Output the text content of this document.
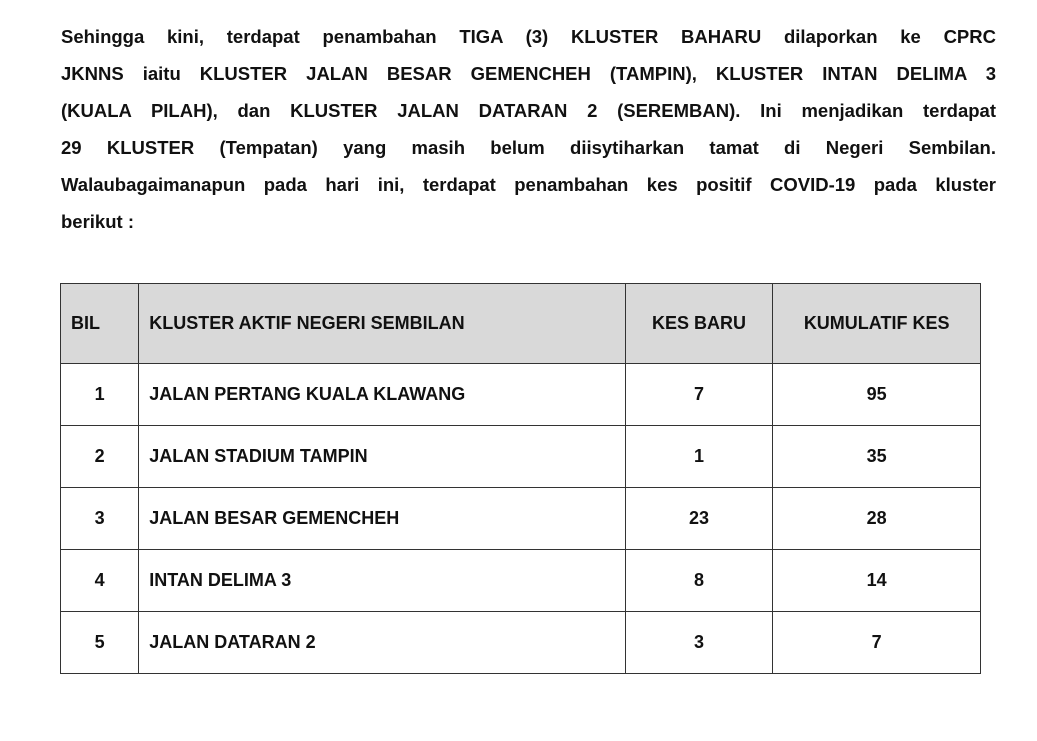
Sehingga kini, terdapat penambahan TIGA (3) KLUSTER BAHARU dilaporkan ke CPRC
JKNNS iaitu KLUSTER JALAN BESAR GEMENCHEH (TAMPIN), KLUSTER INTAN DELIMA 3
(KUALA PILAH), dan KLUSTER JALAN DATARAN 2 (SEREMBAN). Ini menjadikan terdapat
29 KLUSTER (Tempatan) yang masih belum diisytiharkan tamat di Negeri Sembilan.
Walaubagaimanapun pada hari ini, terdapat penambahan kes positif COVID-19 pada kluster
berikut :

BIL	KLUSTER AKTIF NEGERI SEMBILAN	KES BARU	KUMULATIF KES
1	JALAN PERTANG KUALA KLAWANG	7	95
2	JALAN STADIUM TAMPIN	1	35
3	JALAN BESAR GEMENCHEH	23	28
4	INTAN DELIMA 3	8	14
5	JALAN DATARAN 2	3	7
